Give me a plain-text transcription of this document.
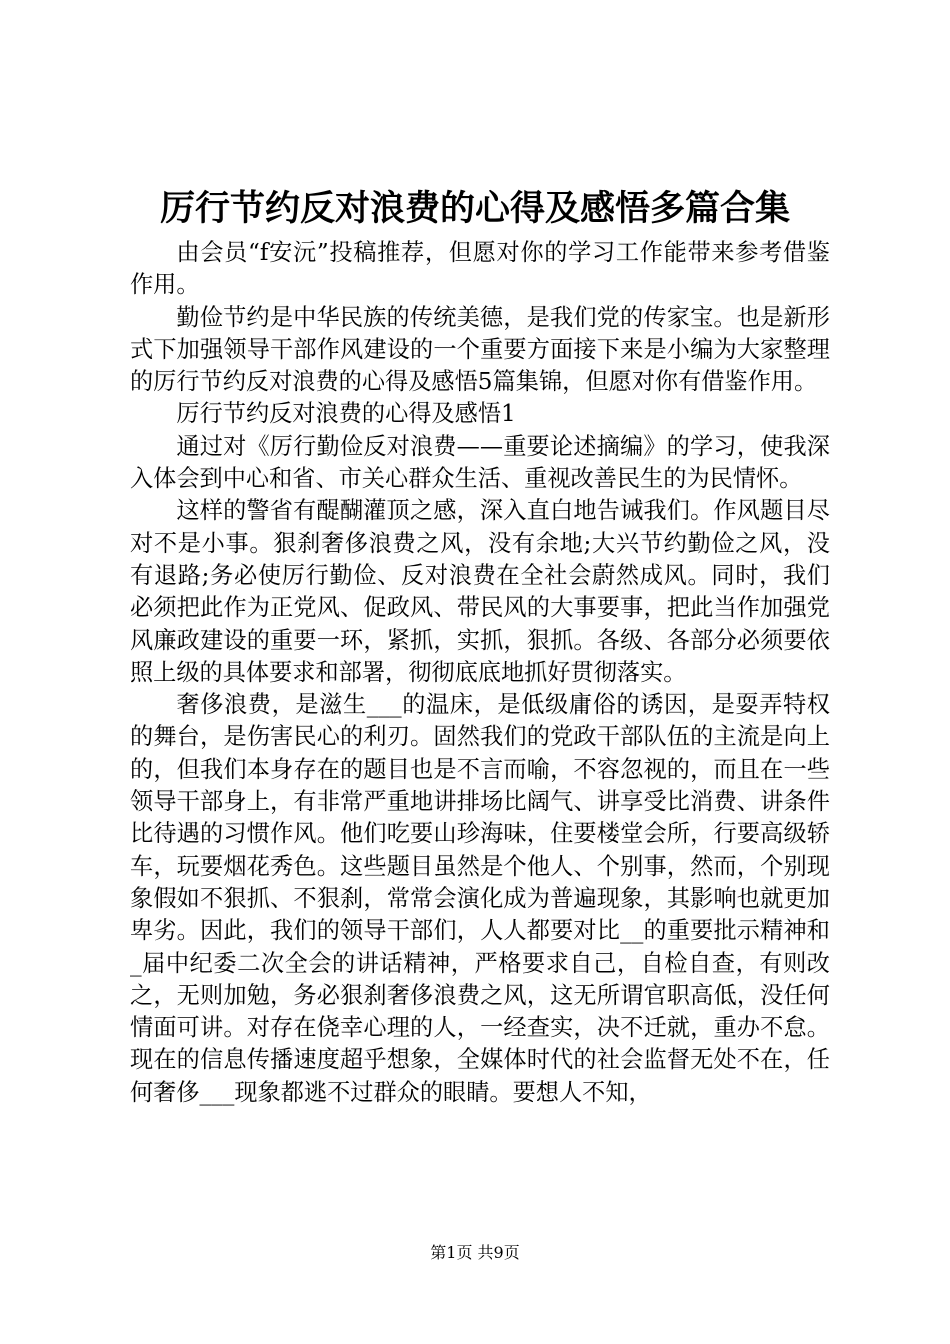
厉行节约反对浪费的心得及感悟多篇合集

由会员“f安沅”投稿推荐，但愿对你的学习工作能带来参考借鉴作用。

勤俭节约是中华民族的传统美德，是我们党的传家宝。也是新形式下加强领导干部作风建设的一个重要方面接下来是小编为大家整理的厉行节约反对浪费的心得及感悟5篇集锦，但愿对你有借鉴作用。

厉行节约反对浪费的心得及感悟1

通过对《厉行勤俭反对浪费——重要论述摘编》的学习，使我深入体会到中心和省、市关心群众生活、重视改善民生的为民情怀。

这样的警省有醍醐灌顶之感，深入直白地告诫我们。作风题目尽对不是小事。狠刹奢侈浪费之风，没有余地;大兴节约勤俭之风，没有退路;务必使厉行勤俭、反对浪费在全社会蔚然成风。同时，我们必须把此作为正党风、促政风、带民风的大事要事，把此当作加强党风廉政建设的重要一环，紧抓，实抓，狠抓。各级、各部分必须要依照上级的具体要求和部署，彻彻底底地抓好贯彻落实。

奢侈浪费，是滋生___的温床，是低级庸俗的诱因，是耍弄特权的舞台，是伤害民心的利刃。固然我们的党政干部队伍的主流是向上的，但我们本身存在的题目也是不言而喻，不容忽视的，而且在一些领导干部身上，有非常严重地讲排场比阔气、讲享受比消费、讲条件比待遇的习惯作风。他们吃要山珍海味，住要楼堂会所，行要高级轿车，玩要烟花秀色。这些题目虽然是个他人、个别事，然而，个别现象假如不狠抓、不狠刹，常常会演化成为普遍现象，其影响也就更加卑劣。因此，我们的领导干部们，人人都要对比__的重要批示精神和_届中纪委二次全会的讲话精神，严格要求自己，自检自查，有则改之，无则加勉，务必狠刹奢侈浪费之风，这无所谓官职高低，没任何情面可讲。对存在侥幸心理的人，一经查实，决不迁就，重办不怠。现在的信息传播速度超乎想象，全媒体时代的社会监督无处不在，任何奢侈___现象都逃不过群众的眼睛。要想人不知，

第1页 共9页
